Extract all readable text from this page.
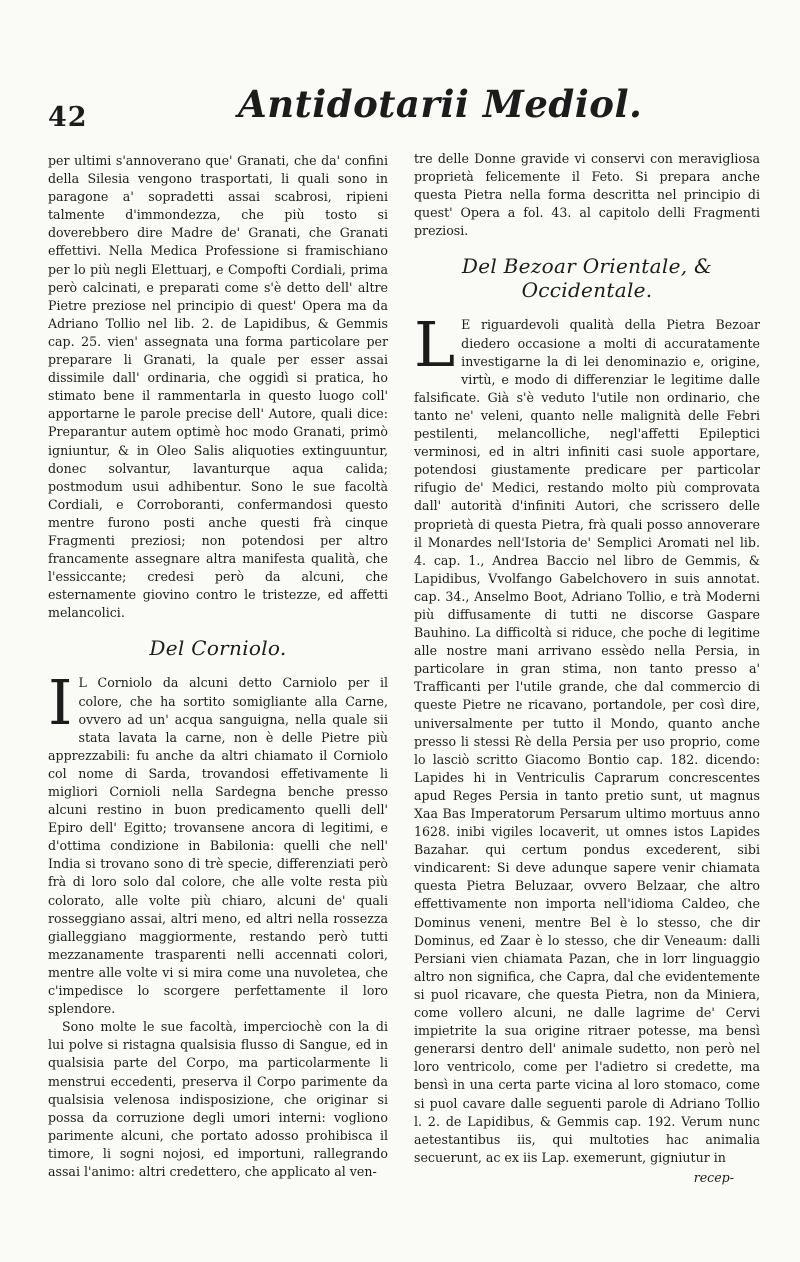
42	Antidotarii Mediol.

per ultimi s'annoverano que' Granati, che da' confini della Silesia vengono trasportati, li quali sono in paragone a' sopradetti assai scabrosi, ripieni talmente d'immondezza, che più tosto si doverebbero dire Madre de' Granati, che Granati effettivi. Nella Medica Professione si framischiano per lo più negli Elettuarj, e Compofti Cordiali, prima però calcinati, e preparati come s'è detto dell' altre Pietre preziose nel principio di quest' Opera ma da Adriano Tollio nel lib. 2. de Lapidibus, & Gemmis cap. 25. vien' assegnata una forma particolare per preparare li Granati, la quale per esser assai dissimile dall' ordinaria, che oggidì si pratica, ho stimato bene il rammentarla in questo luogo coll' apportarne le parole precise dell' Autore, quali dice: Preparantur autem optimè hoc modo Granati, primò igniuntur, & in Oleo Salis aliquoties extinguuntur, donec solvantur, lavanturque aqua calida; postmodum usui adhibentur. Sono le sue facoltà Cordiali, e Corroboranti, confermandosi questo mentre furono posti anche questi frà cinque Fragmenti preziosi; non potendosi per altro francamente assegnare altra manifesta qualità, che l'essiccante; credesi però da alcuni, che esternamente giovino contro le tristezze, ed affetti melancolici.

Del Corniolo.

I L Corniolo da alcuni detto Carniolo per il colore, che ha sortito somigliante alla Carne, ovvero ad un' acqua sanguigna, nella quale sii stata lavata la carne, non è delle Pietre più apprezzabili: fu anche da altri chiamato il Corniolo col nome di Sarda, trovandosi effetivamente li migliori Cornioli nella Sardegna benche presso alcuni restino in buon predicamento quelli dell' Epiro dell' Egitto; trovansene ancora di legitimi, e d'ottima condizione in Babilonia: quelli che nell' India si trovano sono di trè specie, differenziati però frà di loro solo dal colore, che alle volte resta più colorato, alle volte più chiaro, alcuni de' quali rosseggiano assai, altri meno, ed altri nella rossezza gialleggiano maggiormente, restando però tutti mezzanamente trasparenti nelli accennati colori, mentre alle volte vi si mira come una nuvoletea, che c'impedisce lo scorgere perfettamente il loro splendore.

Sono molte le sue facoltà, imperciochè con la di lui polve si ristagna qualsisia flusso di Sangue, ed in qualsisia parte del Corpo, ma particolarmente li menstrui eccedenti, preserva il Corpo parimente da qualsisia velenosa indisposizione, che originar si possa da corruzione degli umori interni: vogliono parimente alcuni, che portato adosso prohibisca il timore, li sogni nojosi, ed importuni, rallegrando assai l'animo: altri credettero, che applicato al ven-

tre delle Donne gravide vi conservi con meravigliosa proprietà felicemente il Feto. Si prepara anche questa Pietra nella forma descritta nel principio di quest' Opera a fol. 43. al capitolo delli Fragmenti preziosi.

Del Bezoar Orientale, & Occidentale.

L E riguardevoli qualità della Pietra Bezoar diedero occasione a molti di accuratamente investigarne la di lei denominazio e, origine, virtù, e modo di differenziar le legitime dalle falsificate. Già s'è veduto l'utile non ordinario, che tanto ne' veleni, quanto nelle malignità delle Febri pestilenti, melancolliche, negl'affetti Epileptici verminosi, ed in altri infiniti casi suole apportare, potendosi giustamente predicare per particolar rifugio de' Medici, restando molto più comprovata dall' autorità d'infiniti Autori, che scrissero delle proprietà di questa Pietra, frà quali posso annoverare il Monardes nell'Istoria de' Semplici Aromati nel lib. 4. cap. 1., Andrea Baccio nel libro de Gemmis, & Lapidibus, Vvolfango Gabelchovero in suis annotat. cap. 34., Anselmo Boot, Adriano Tollio, e trà Moderni più diffusamente di tutti ne discorse Gaspare Bauhino. La difficoltà si riduce, che poche di legitime alle nostre mani arrivano essèdo nella Persia, in particolare in gran stima, non tanto presso a' Trafficanti per l'utile grande, che dal commercio di queste Pietre ne ricavano, portandole, per così dire, universalmente per tutto il Mondo, quanto anche presso li stessi Rè della Persia per uso proprio, come lo lasciò scritto Giacomo Bontio cap. 182. dicendo: Lapides hi in Ventriculis Caprarum concrescentes apud Reges Persia in tanto pretio sunt, ut magnus Xaa Bas Imperatorum Persarum ultimo mortuus anno 1628. inibi vigiles locaverit, ut omnes istos Lapides Bazahar. qui certum pondus excederent, sibi vindicarent: Si deve adunque sapere venir chiamata questa Pietra Beluzaar, ovvero Belzaar, che altro effettivamente non importa nell'idioma Caldeo, che Dominus veneni, mentre Bel è lo stesso, che dir Dominus, ed Zaar è lo stesso, che dir Veneaum: dalli Persiani vien chiamata Pazan, che in lorr linguaggio altro non significa, che Capra, dal che evidentemente si puol ricavare, che questa Pietra, non da Miniera, come vollero alcuni, ne dalle lagrime de' Cervi impietrite la sua origine ritraer potesse, ma bensì generarsi dentro dell' animale sudetto, non però nel loro ventricolo, come per l'adietro si credette, ma bensì in una certa parte vicina al loro stomaco, come si puol cavare dalle seguenti parole di Adriano Tollio l. 2. de Lapidibus, & Gemmis cap. 192. Verum nunc aetestantibus iis, qui multoties hac animalia secuerunt, ac ex iis Lap. exemerunt, gigniutur in

recep-
